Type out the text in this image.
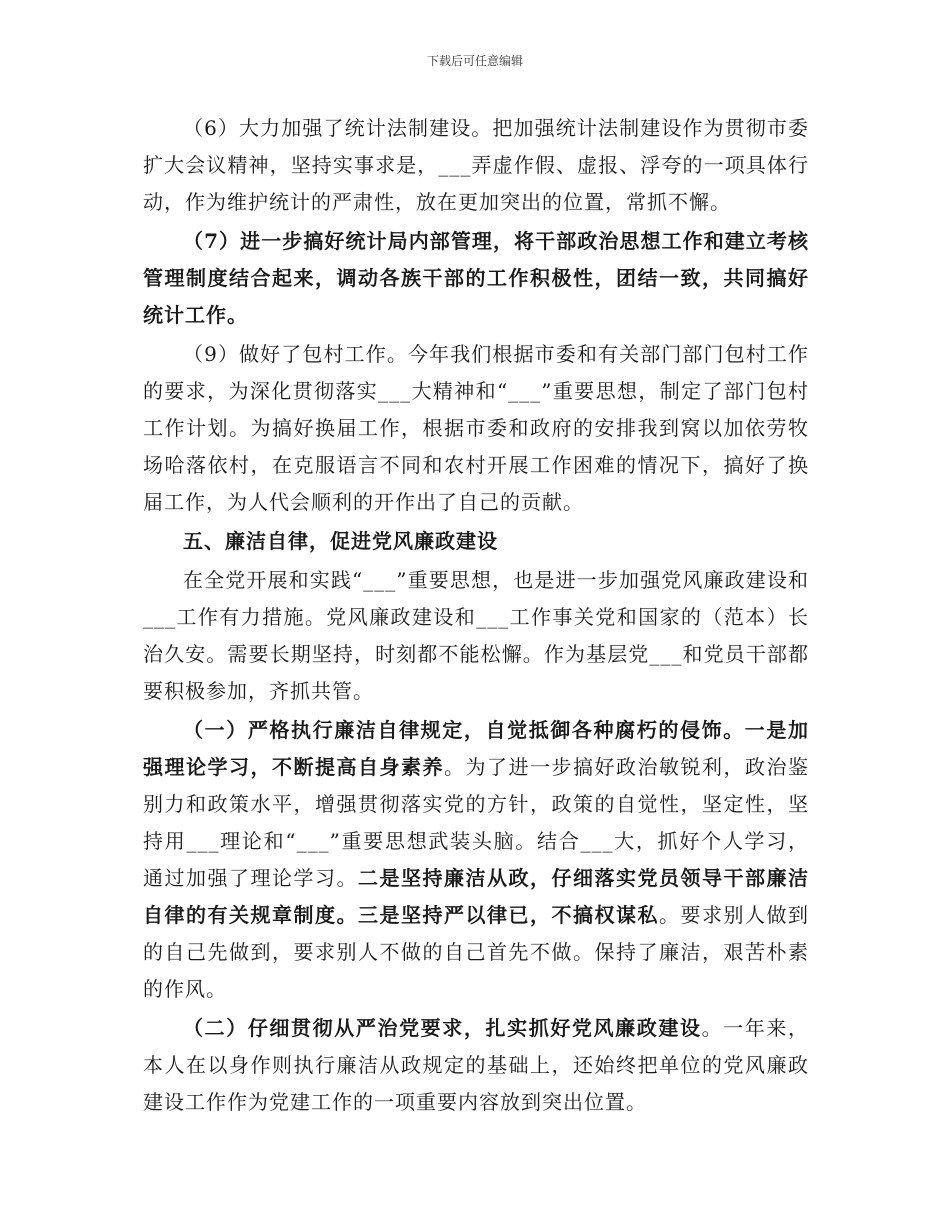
下载后可任意编辑

（6）大力加强了统计法制建设。把加强统计法制建设作为贯彻市委扩大会议精神，坚持实事求是，___弄虚作假、虚报、浮夸的一项具体行动，作为维护统计的严肃性，放在更加突出的位置，常抓不懈。

（7）进一步搞好统计局内部管理，将干部政治思想工作和建立考核管理制度结合起来，调动各族干部的工作积极性，团结一致，共同搞好统计工作。

（9）做好了包村工作。今年我们根据市委和有关部门部门包村工作的要求，为深化贯彻落实___大精神和“___”重要思想，制定了部门包村工作计划。为搞好换届工作，根据市委和政府的安排我到窝以加依劳牧场哈落依村，在克服语言不同和农村开展工作困难的情况下，搞好了换届工作，为人代会顺利的开作出了自己的贡献。

五、廉洁自律，促进党风廉政建设

在全党开展和实践“___”重要思想，也是进一步加强党风廉政建设和___工作有力措施。党风廉政建设和___工作事关党和国家的（范本）长治久安。需要长期坚持，时刻都不能松懈。作为基层党___和党员干部都要积极参加，齐抓共管。

（一）严格执行廉洁自律规定，自觉抵御各种腐朽的侵饰。一是加强理论学习，不断提高自身素养。为了进一步搞好政治敏锐利，政治鉴别力和政策水平，增强贯彻落实党的方针，政策的自觉性，坚定性，坚持用___理论和“___”重要思想武装头脑。结合___大，抓好个人学习，通过加强了理论学习。二是坚持廉洁从政，仔细落实党员领导干部廉洁自律的有关规章制度。三是坚持严以律已，不搞权谋私。要求别人做到的自己先做到，要求别人不做的自己首先不做。保持了廉洁，艰苦朴素的作风。

（二）仔细贯彻从严治党要求，扎实抓好党风廉政建设。一年来，本人在以身作则执行廉洁从政规定的基础上，还始终把单位的党风廉政建设工作作为党建工作的一项重要内容放到突出位置。
